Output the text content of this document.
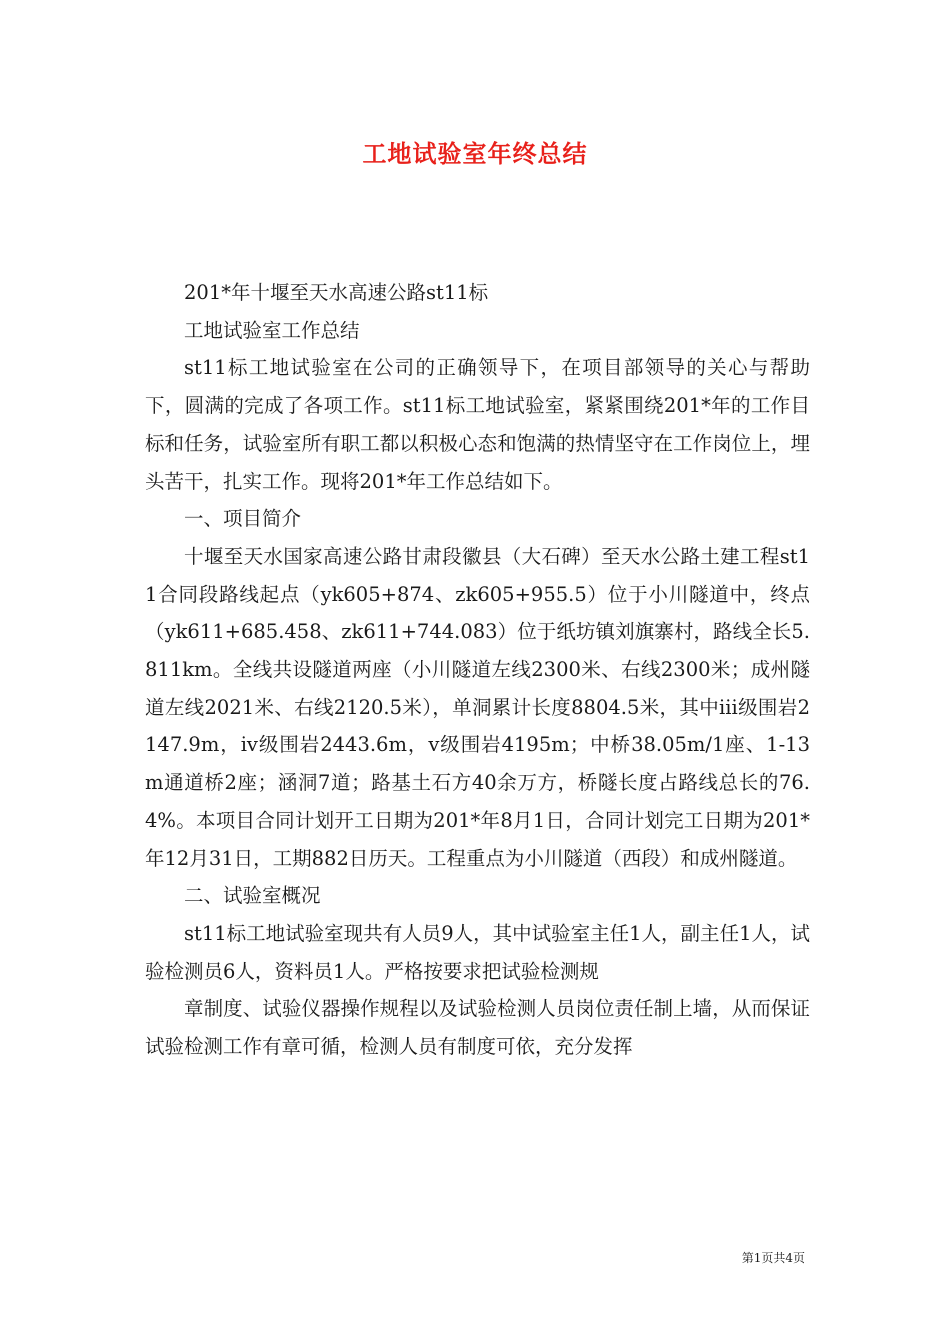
工地试验室年终总结

201*年十堰至天水高速公路st11标

工地试验室工作总结

st11标工地试验室在公司的正确领导下，在项目部领导的关心与帮助下，圆满的完成了各项工作。st11标工地试验室，紧紧围绕201*年的工作目标和任务，试验室所有职工都以积极心态和饱满的热情坚守在工作岗位上，埋头苦干，扎实工作。现将201*年工作总结如下。

一、项目简介

十堰至天水国家高速公路甘肃段徽县（大石碑）至天水公路土建工程st11合同段路线起点（yk605+874、zk605+955.5）位于小川隧道中，终点（yk611+685.458、zk611+744.083）位于纸坊镇刘旗寨村，路线全长5.811km。全线共设隧道两座（小川隧道左线2300米、右线2300米；成州隧道左线2021米、右线2120.5米），单洞累计长度8804.5米，其中iii级围岩2147.9m，iv级围岩2443.6m，v级围岩4195m；中桥38.05m/1座、1-13m通道桥2座；涵洞7道；路基土石方40余万方，桥隧长度占路线总长的76.4%。本项目合同计划开工日期为201*年8月1日，合同计划完工日期为201*年12月31日，工期882日历天。工程重点为小川隧道（西段）和成州隧道。

二、试验室概况

st11标工地试验室现共有人员9人，其中试验室主任1人，副主任1人，试验检测员6人，资料员1人。严格按要求把试验检测规

章制度、试验仪器操作规程以及试验检测人员岗位责任制上墙，从而保证试验检测工作有章可循，检测人员有制度可依，充分发挥

第1页共4页
